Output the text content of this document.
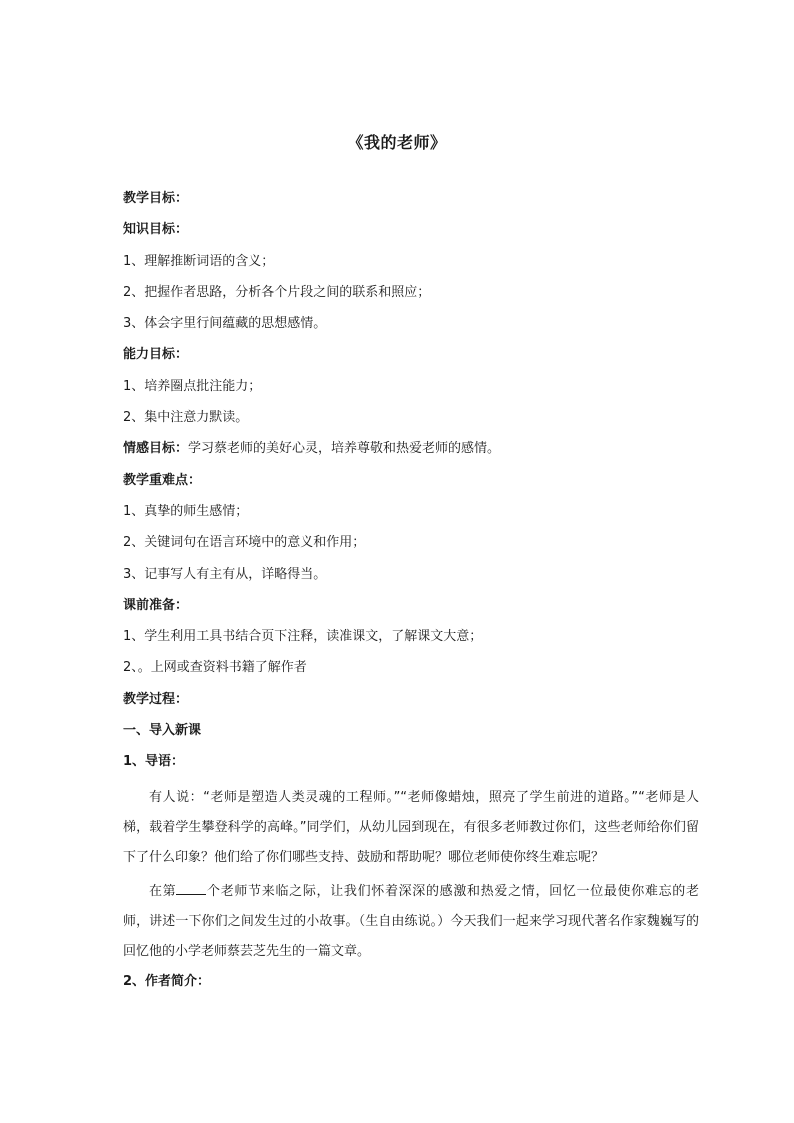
《我的老师》
教学目标：
知识目标：
1、理解推断词语的含义；
2、把握作者思路，分析各个片段之间的联系和照应；
3、体会字里行间蕴藏的思想感情。
能力目标：
1、培养圈点批注能力；
2、集中注意力默读。
情感目标：学习蔡老师的美好心灵，培养尊敬和热爱老师的感情。
教学重难点：
1、真挚的师生感情；
2、关键词句在语言环境中的意义和作用；
3、记事写人有主有从，详略得当。
课前准备：
1、学生利用工具书结合页下注释，读准课文，了解课文大意；
2、。上网或查资料书籍了解作者
教学过程：
一、导入新课
1、导语：
有人说：“老师是塑造人类灵魂的工程师。”“老师像蜡烛，照亮了学生前进的道路。”“老师是人梯，载着学生攀登科学的高峰。”同学们，从幼儿园到现在，有很多老师教过你们，这些老师给你们留下了什么印象？他们给了你们哪些支持、鼓励和帮助呢？哪位老师使你终生难忘呢？
在第 个老师节来临之际，让我们怀着深深的感激和热爱之情，回忆一位最使你难忘的老师，讲述一下你们之间发生过的小故事。（生自由练说。）今天我们一起来学习现代著名作家魏巍写的回忆他的小学老师蔡芸芝先生的一篇文章。
2、作者简介：
